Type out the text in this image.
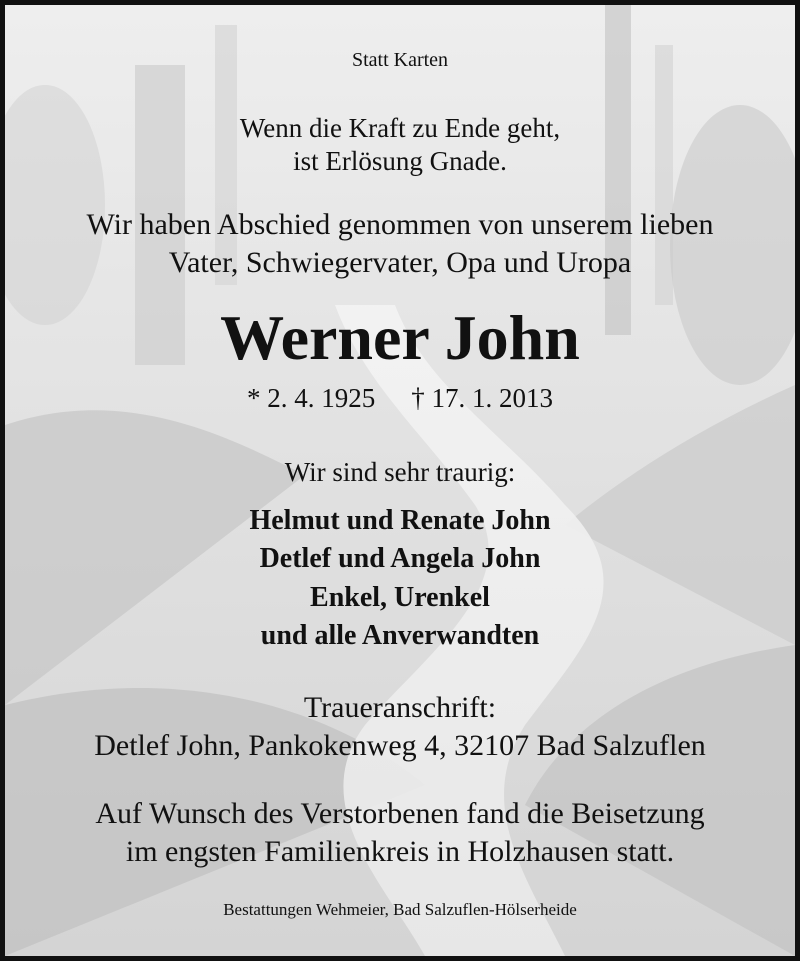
Statt Karten
Wenn die Kraft zu Ende geht,
ist Erlösung Gnade.
Wir haben Abschied genommen von unserem lieben
Vater, Schwiegervater, Opa und Uropa
Werner John
* 2. 4. 1925 † 17. 1. 2013
Wir sind sehr traurig:
Helmut und Renate John
Detlef und Angela John
Enkel, Urenkel
und alle Anverwandten
Traueranschrift:
Detlef John, Pankokenweg 4, 32107 Bad Salzuflen
Auf Wunsch des Verstorbenen fand die Beisetzung
im engsten Familienkreis in Holzhausen statt.
Bestattungen Wehmeier, Bad Salzuflen-Hölserheide
